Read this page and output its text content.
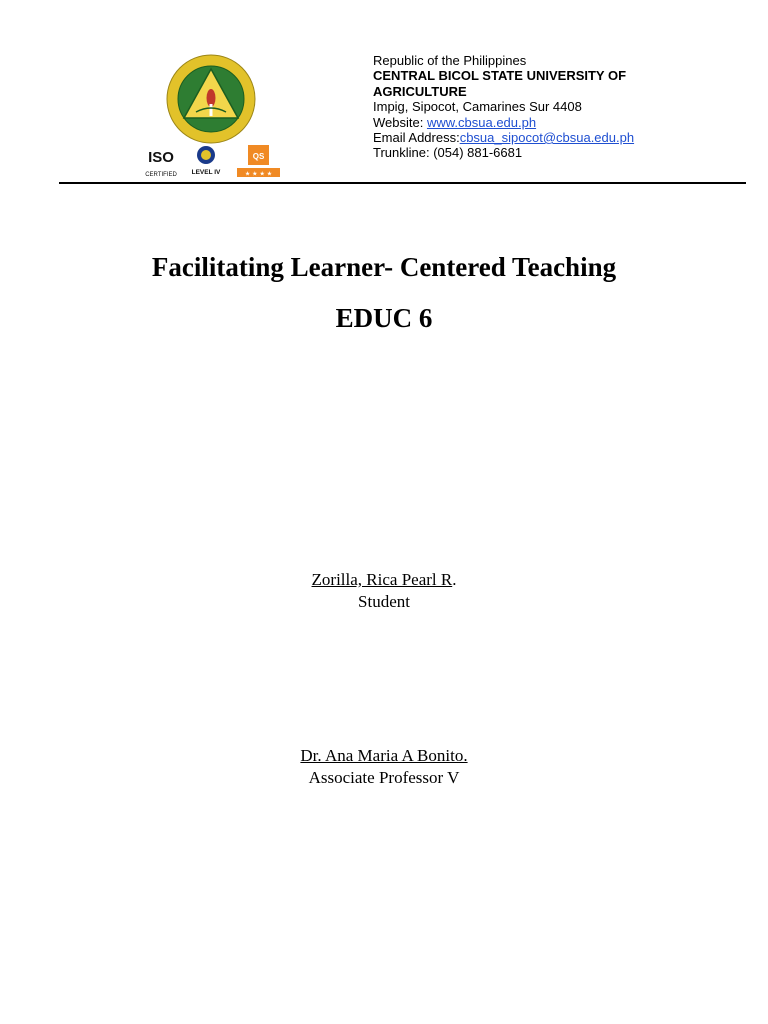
ISO
CERTIFIED LEVEL IV
QS
★ ★ ★ ★
Republic of the Philippines
CENTRAL BICOL STATE UNIVERSITY OF
AGRICULTURE
Impig, Sipocot, Camarines Sur 4408
Website: www.cbsua.edu.ph
Email Address:cbsua_sipocot@cbsua.edu.ph
Trunkline: (054) 881-6681
Facilitating Learner- Centered Teaching
EDUC 6
Zorilla, Rica Pearl R.
Student
Dr. Ana Maria A Bonito.
Associate Professor V
